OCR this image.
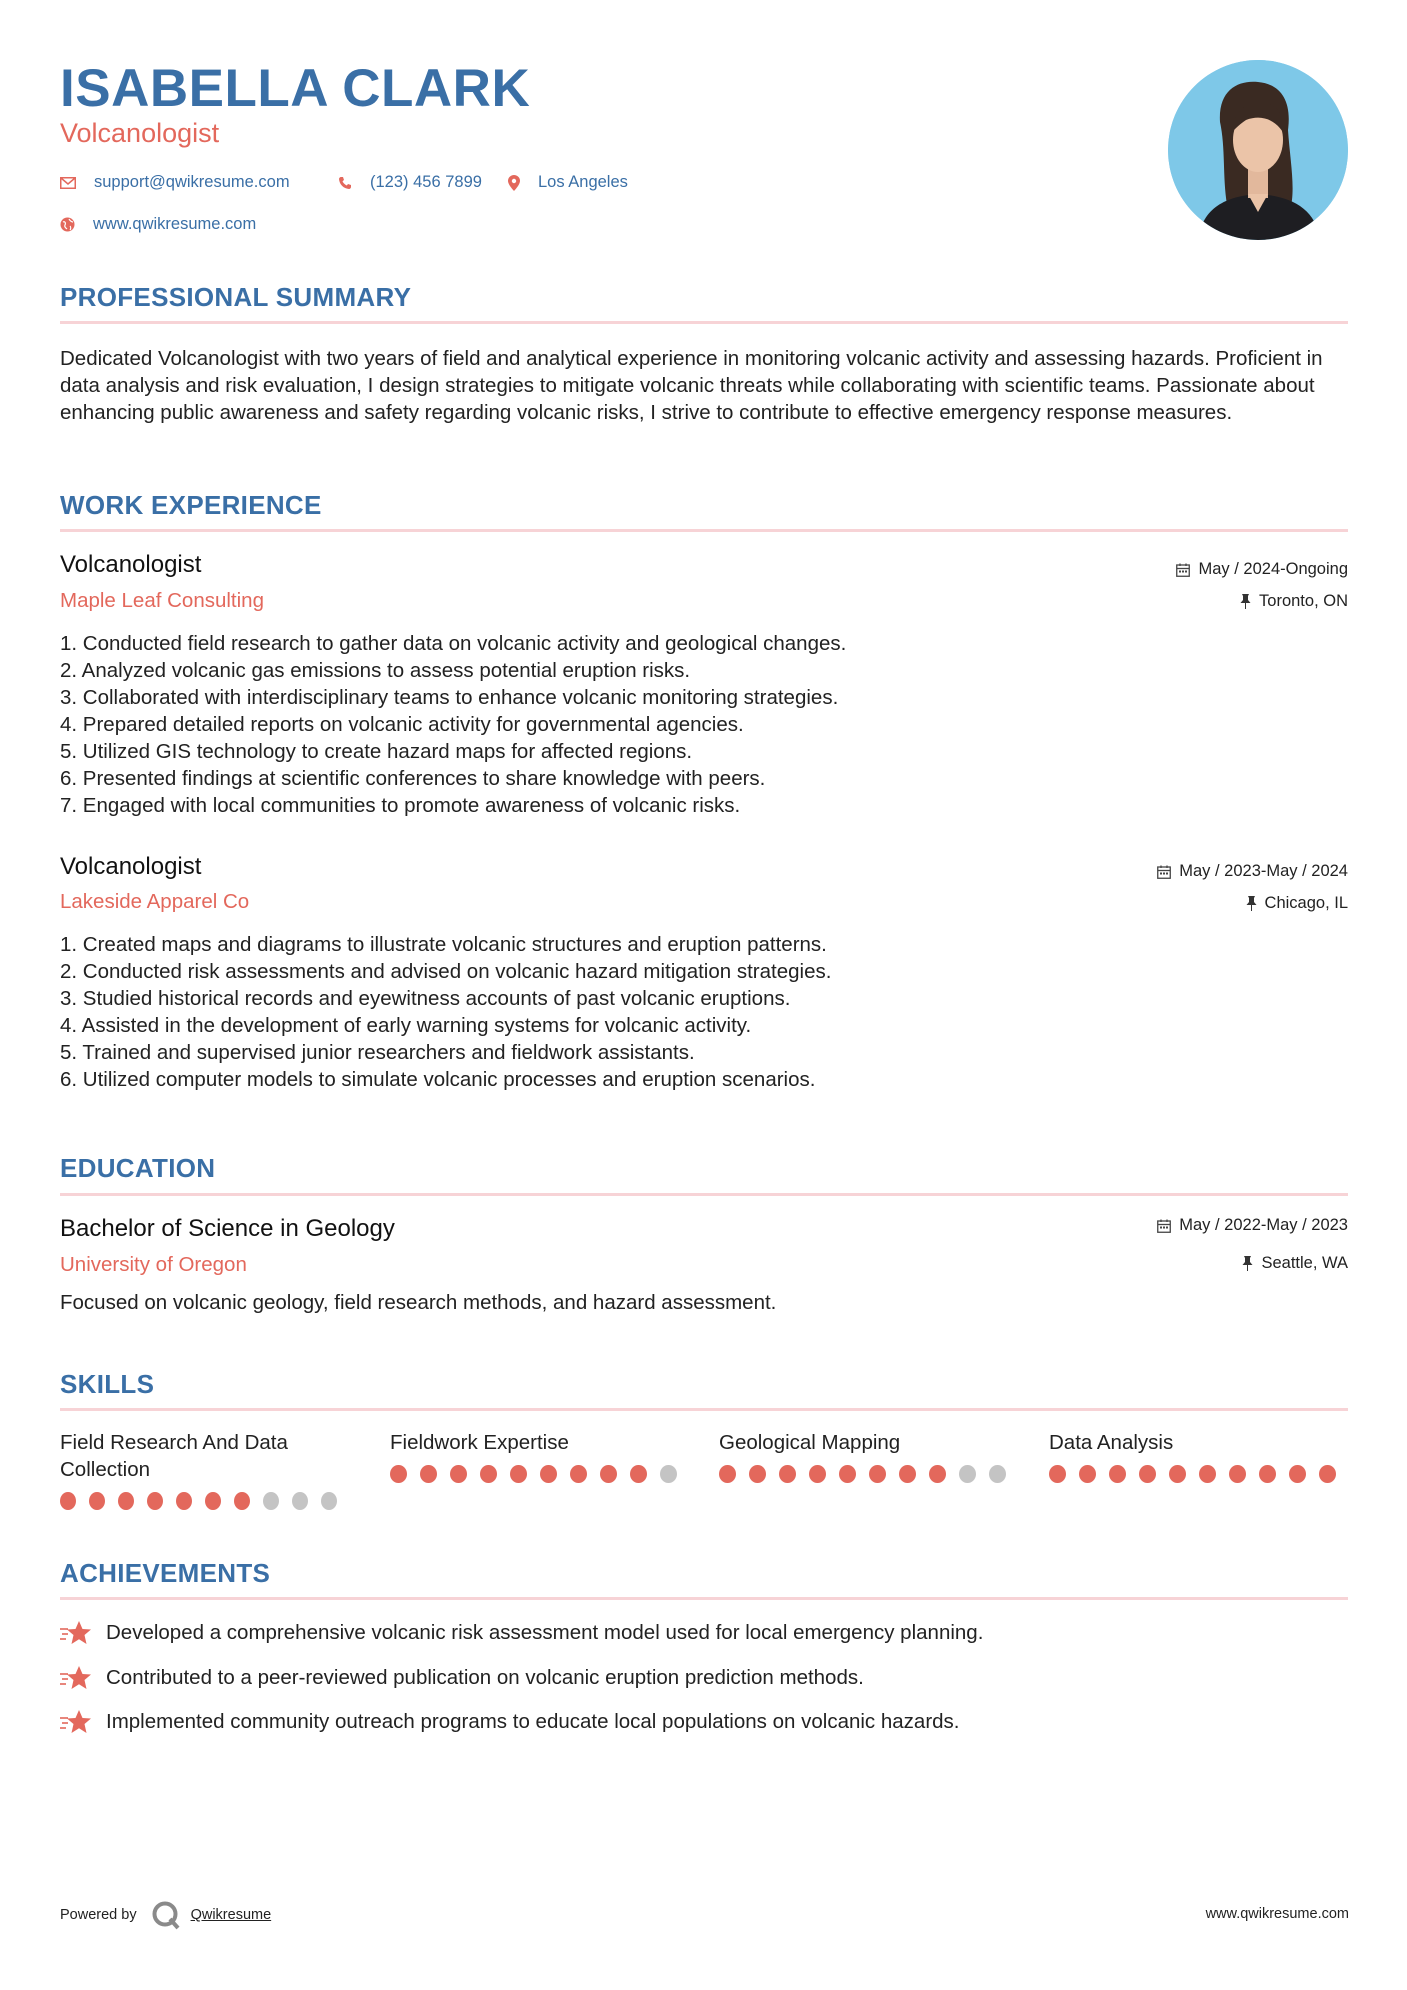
ISABELLA CLARK
Volcanologist
support@qwikresume.com	(123) 456 7899	Los Angeles
www.qwikresume.com
PROFESSIONAL SUMMARY
Dedicated Volcanologist with two years of field and analytical experience in monitoring volcanic activity and assessing hazards. Proficient in data analysis and risk evaluation, I design strategies to mitigate volcanic threats while collaborating with scientific teams. Passionate about enhancing public awareness and safety regarding volcanic risks, I strive to contribute to effective emergency response measures.
WORK EXPERIENCE
Volcanologist
Maple Leaf Consulting
May / 2024-Ongoing
Toronto, ON
1. Conducted field research to gather data on volcanic activity and geological changes.
2. Analyzed volcanic gas emissions to assess potential eruption risks.
3. Collaborated with interdisciplinary teams to enhance volcanic monitoring strategies.
4. Prepared detailed reports on volcanic activity for governmental agencies.
5. Utilized GIS technology to create hazard maps for affected regions.
6. Presented findings at scientific conferences to share knowledge with peers.
7. Engaged with local communities to promote awareness of volcanic risks.
Volcanologist
Lakeside Apparel Co
May / 2023-May / 2024
Chicago, IL
1. Created maps and diagrams to illustrate volcanic structures and eruption patterns.
2. Conducted risk assessments and advised on volcanic hazard mitigation strategies.
3. Studied historical records and eyewitness accounts of past volcanic eruptions.
4. Assisted in the development of early warning systems for volcanic activity.
5. Trained and supervised junior researchers and fieldwork assistants.
6. Utilized computer models to simulate volcanic processes and eruption scenarios.
EDUCATION
Bachelor of Science in Geology
University of Oregon
May / 2022-May / 2023
Seattle, WA
Focused on volcanic geology, field research methods, and hazard assessment.
SKILLS
Field Research And Data Collection
Fieldwork Expertise	Geological Mapping	Data Analysis
ACHIEVEMENTS
Developed a comprehensive volcanic risk assessment model used for local emergency planning.
Contributed to a peer-reviewed publication on volcanic eruption prediction methods.
Implemented community outreach programs to educate local populations on volcanic hazards.
Powered by	Qwikresume	www.qwikresume.com
